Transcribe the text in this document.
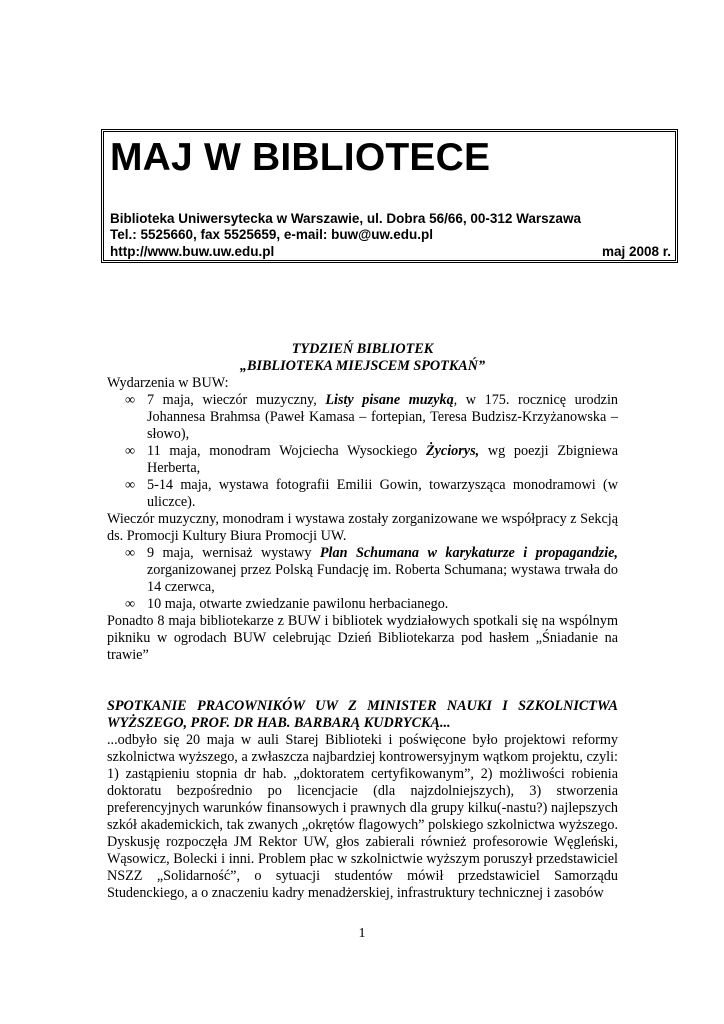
MAJ W BIBLIOTECE
Biblioteka Uniwersytecka w Warszawie, ul. Dobra 56/66, 00-312 Warszawa
Tel.: 5525660, fax 5525659, e-mail: buw@uw.edu.pl
http://www.buw.uw.edu.pl	maj 2008 r.
TYDZIEŃ BIBLIOTEK
„BIBLIOTEKA MIEJSCEM SPOTKAŃ”
Wydarzenia w BUW:
∞ 7 maja, wieczór muzyczny, Listy pisane muzyką, w 175. rocznicę urodzin Johannesa Brahmsa (Paweł Kamasa – fortepian, Teresa Budzisz-Krzyżanowska – słowo),
∞ 11 maja, monodram Wojciecha Wysockiego Życiorys, wg poezji Zbigniewa Herberta,
∞ 5-14 maja, wystawa fotografii Emilii Gowin, towarzysząca monodramowi (w uliczce).
Wieczór muzyczny, monodram i wystawa zostały zorganizowane we współpracy z Sekcją ds. Promocji Kultury Biura Promocji UW.
∞ 9 maja, wernisaż wystawy Plan Schumana w karykaturze i propagandzie, zorganizowanej przez Polską Fundację im. Roberta Schumana; wystawa trwała do 14 czerwca,
∞ 10 maja, otwarte zwiedzanie pawilonu herbacianego.
Ponadto 8 maja bibliotekarze z BUW i bibliotek wydziałowych spotkali się na wspólnym pikniku w ogrodach BUW celebrując Dzień Bibliotekarza pod hasłem „Śniadanie na trawie”
SPOTKANIE PRACOWNIKÓW UW Z MINISTER NAUKI I SZKOLNICTWA WYŻSZEGO, PROF. DR HAB. BARBARĄ KUDRYCKĄ...
...odbyło się 20 maja w auli Starej Biblioteki i poświęcone było projektowi reformy szkolnictwa wyższego, a zwłaszcza najbardziej kontrowersyjnym wątkom projektu, czyli: 1) zastąpieniu stopnia dr hab. „doktoratem certyfikowanym”, 2) możliwości robienia doktoratu bezpośrednio po licencjacie (dla najzdolniejszych), 3) stworzenia preferencyjnych warunków finansowych i prawnych dla grupy kilku(-nastu?) najlepszych szkół akademickich, tak zwanych „okrętów flagowych” polskiego szkolnictwa wyższego. Dyskusję rozpoczęła JM Rektor UW, głos zabierali również profesorowie Węgleński, Wąsowicz, Bolecki i inni. Problem płac w szkolnictwie wyższym poruszył przedstawiciel NSZZ „Solidarność”, o sytuacji studentów mówił przedstawiciel Samorządu Studenckiego, a o znaczeniu kadry menadżerskiej, infrastruktury technicznej i zasobów
1
